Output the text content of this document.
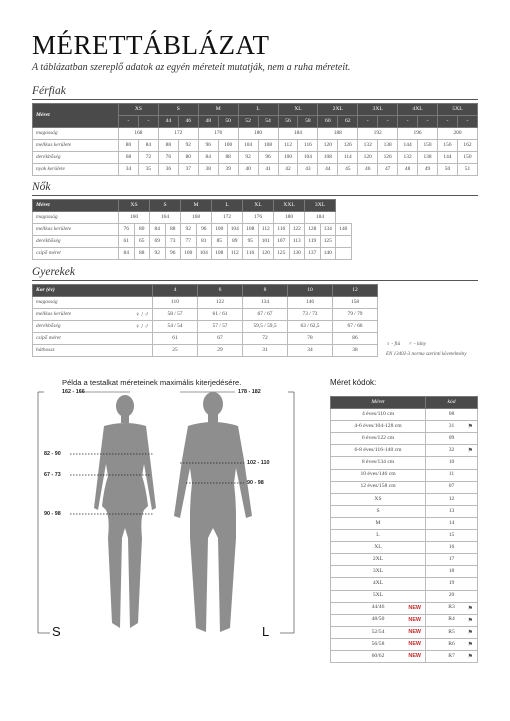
MÉRETTÁBLÁZAT
A táblázatban szereplő adatok az egyén méreteit mutatják, nem a ruha méreteit.
Férfiak
Méret	XS		S		M		L		XL		2XL		3XL		4XL		5XL	
	-	-	44	46	48	50	52	54	56	58	60	62	-	-	-	-	-	-
magasság	168		172		176		180		184		188		192		196		200	
mellkas kerülete	80	84	88	92	96	100	104	108	112	116	120	126	132	138	144	150	156	162
derékbőség	68	72	76	80	84	88	92	96	100	104	108	114	120	126	132	138	144	150
nyak kerülete	34	35	36	37	38	39	40	41	42	43	44	45	46	47	48	49	50	51
Nők
Méret	XS		S		M		L		XL		XXL		3XL			
magasság	160		164		168		172		176		180		184			
mellkas kerülete	76	80	84	88	92	96	100	104	108	112	116	122	128	134	140	
derékbőség	61	65	69	73	77	81	85	89	95	101	107	113	119	125		
csípő méret	84	88	92	96	100	104	108	112	116	120	125	130	137	140		
Gyerekek
Kor (év)	4	6	8	10	12	
magasság	110	122	134	146	158	
mellkas kerülete ♀ / ♂	58 / 57	61 / 61	67 / 67	73 / 73	79 / 79	
derékbőség ♀ / ♂	54 / 54	57 / 57	59,5 / 59,5	63 / 62,5	67 / 66	
csípő méret	61	67	72	78	86	
háthossz	25	29	31	34	38	
♀ - fiú ♂ - lány
EN 13402-3 norma szerinti követelmény
Példa a testalkat méreteinek maximális kiterjedésére.
162 - 166	178 - 182
82 - 90
67 - 73
90 - 98
102 - 110
90 - 98
S	L
Méret kódok:
Méret	kód
4 éves/110 cm	08
4-6 éves/104-128 cm	31 ⚑

6 éves/122 cm	09
6-8 éves/116-140 cm	32 ⚑

8 éves/134 cm	10
10 éves/146 cm	11
12 éves/158 cm	07
XS	12
S	13
M	14
L	15
XL	16
2XL	17
3XL	18
4XL	19
5XL	20
44/46 NEW	R3 ⚑

48/50 NEW	R4 ⚑

52/54 NEW	R5 ⚑

56/58 NEW	R6 ⚑

60/62 NEW	R7 ⚑
